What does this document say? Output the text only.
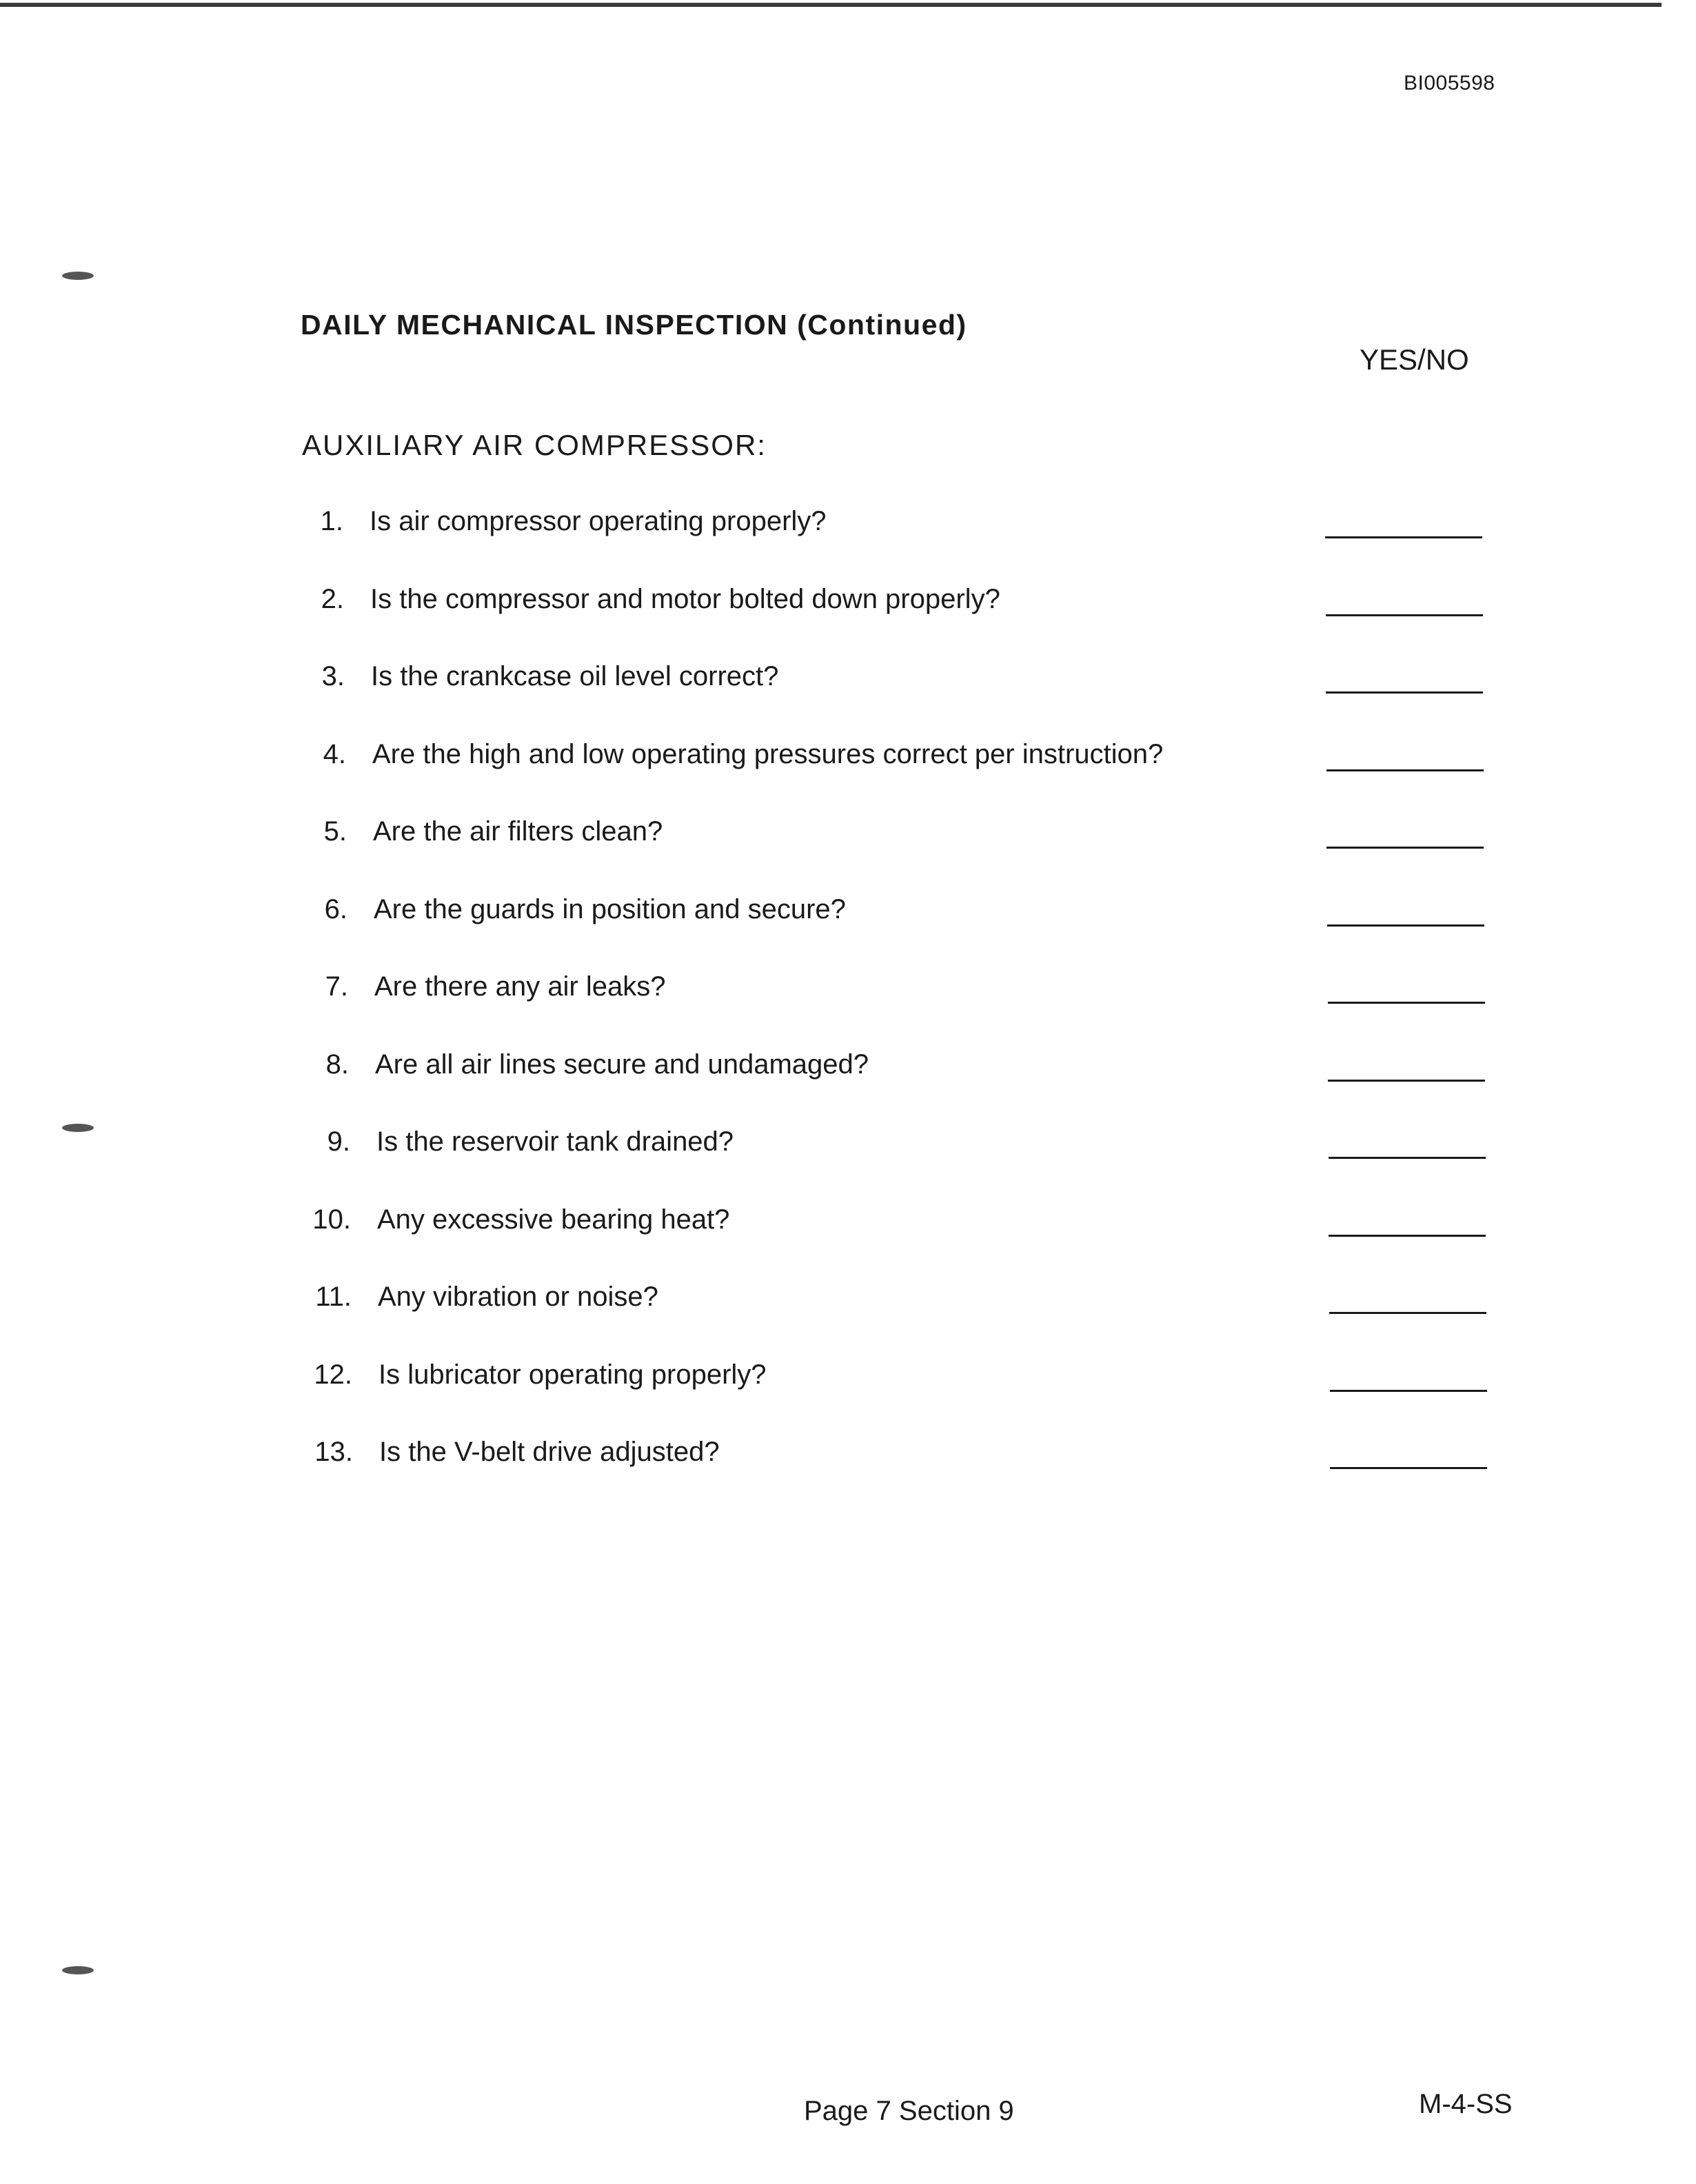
BI005598
DAILY MECHANICAL INSPECTION (Continued)
YES/NO
AUXILIARY AIR COMPRESSOR:
1. Is air compressor operating properly?
2. Is the compressor and motor bolted down properly?
3. Is the crankcase oil level correct?
4. Are the high and low operating pressures correct per instruction?
5. Are the air filters clean?
6. Are the guards in position and secure?
7. Are there any air leaks?
8. Are all air lines secure and undamaged?
9. Is the reservoir tank drained?
10. Any excessive bearing heat?
11. Any vibration or noise?
12. Is lubricator operating properly?
13. Is the V-belt drive adjusted?
Page 7 Section 9	M-4-SS
